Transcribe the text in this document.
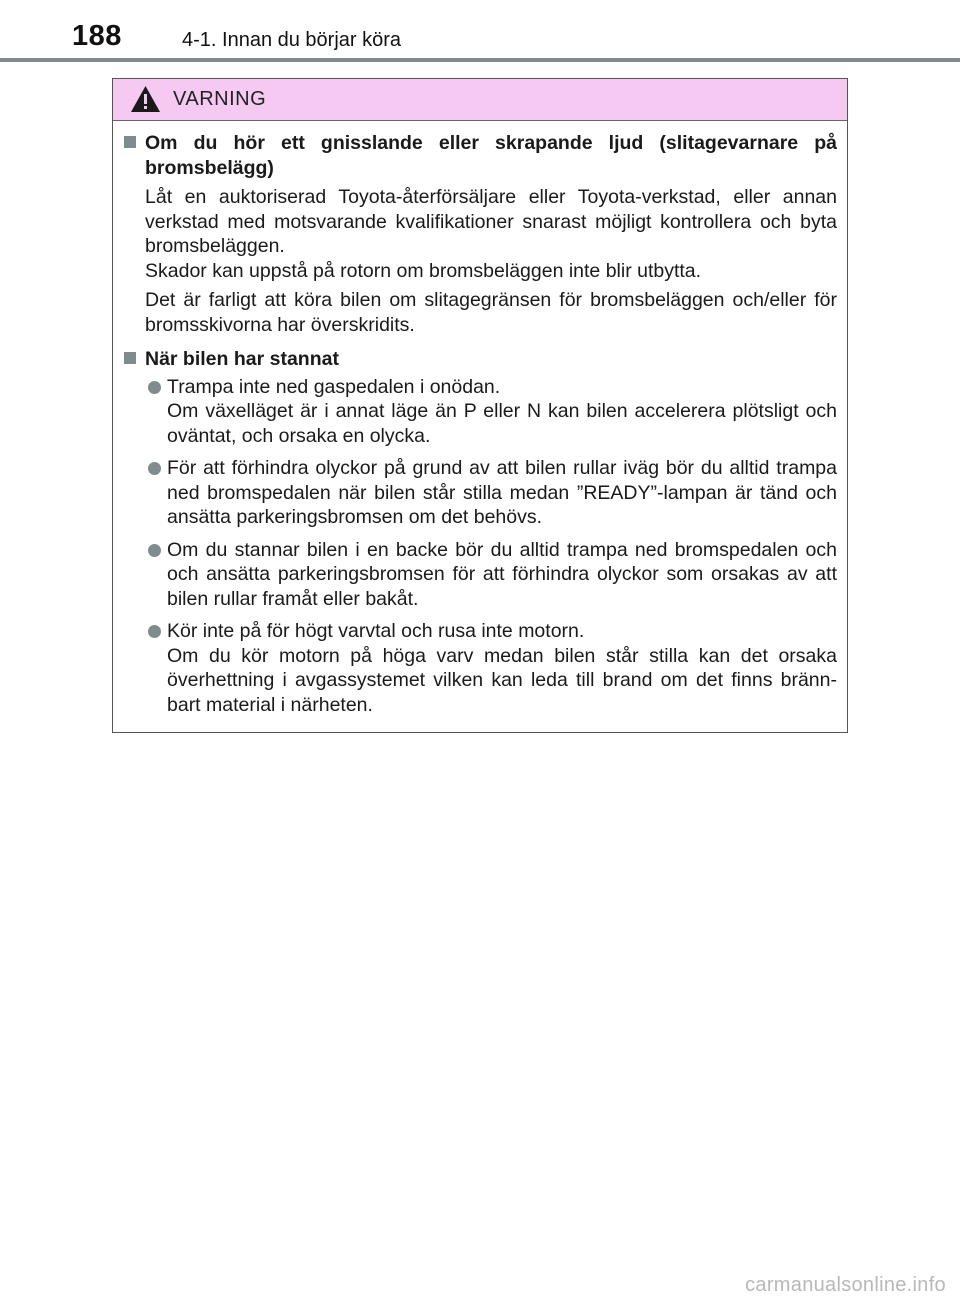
188	4-1. Innan du börjar köra
VARNING
Om du hör ett gnisslande eller skrapande ljud (slitagevarnare på bromsbelägg)
Låt en auktoriserad Toyota-återförsäljare eller Toyota-verkstad, eller annan verkstad med motsvarande kvalifikationer snarast möjligt kontrollera och byta bromsbeläggen.
Skador kan uppstå på rotorn om bromsbeläggen inte blir utbytta.
Det är farligt att köra bilen om slitagegränsen för bromsbeläggen och/eller för bromsskivorna har överskridits.
När bilen har stannat
Trampa inte ned gaspedalen i onödan.
Om växelläget är i annat läge än P eller N kan bilen accelerera plötsligt och oväntat, och orsaka en olycka.
För att förhindra olyckor på grund av att bilen rullar iväg bör du alltid trampa ned bromspedalen när bilen står stilla medan ”READY”-lampan är tänd och ansätta parkeringsbromsen om det behövs.
Om du stannar bilen i en backe bör du alltid trampa ned bromspedalen och och ansätta parkeringsbromsen för att förhindra olyckor som orsakas av att bilen rullar framåt eller bakåt.
Kör inte på för högt varvtal och rusa inte motorn.
Om du kör motorn på höga varv medan bilen står stilla kan det orsaka överhettning i avgassystemet vilken kan leda till brand om det finns bränn-bart material i närheten.
carmanualsonline.info
